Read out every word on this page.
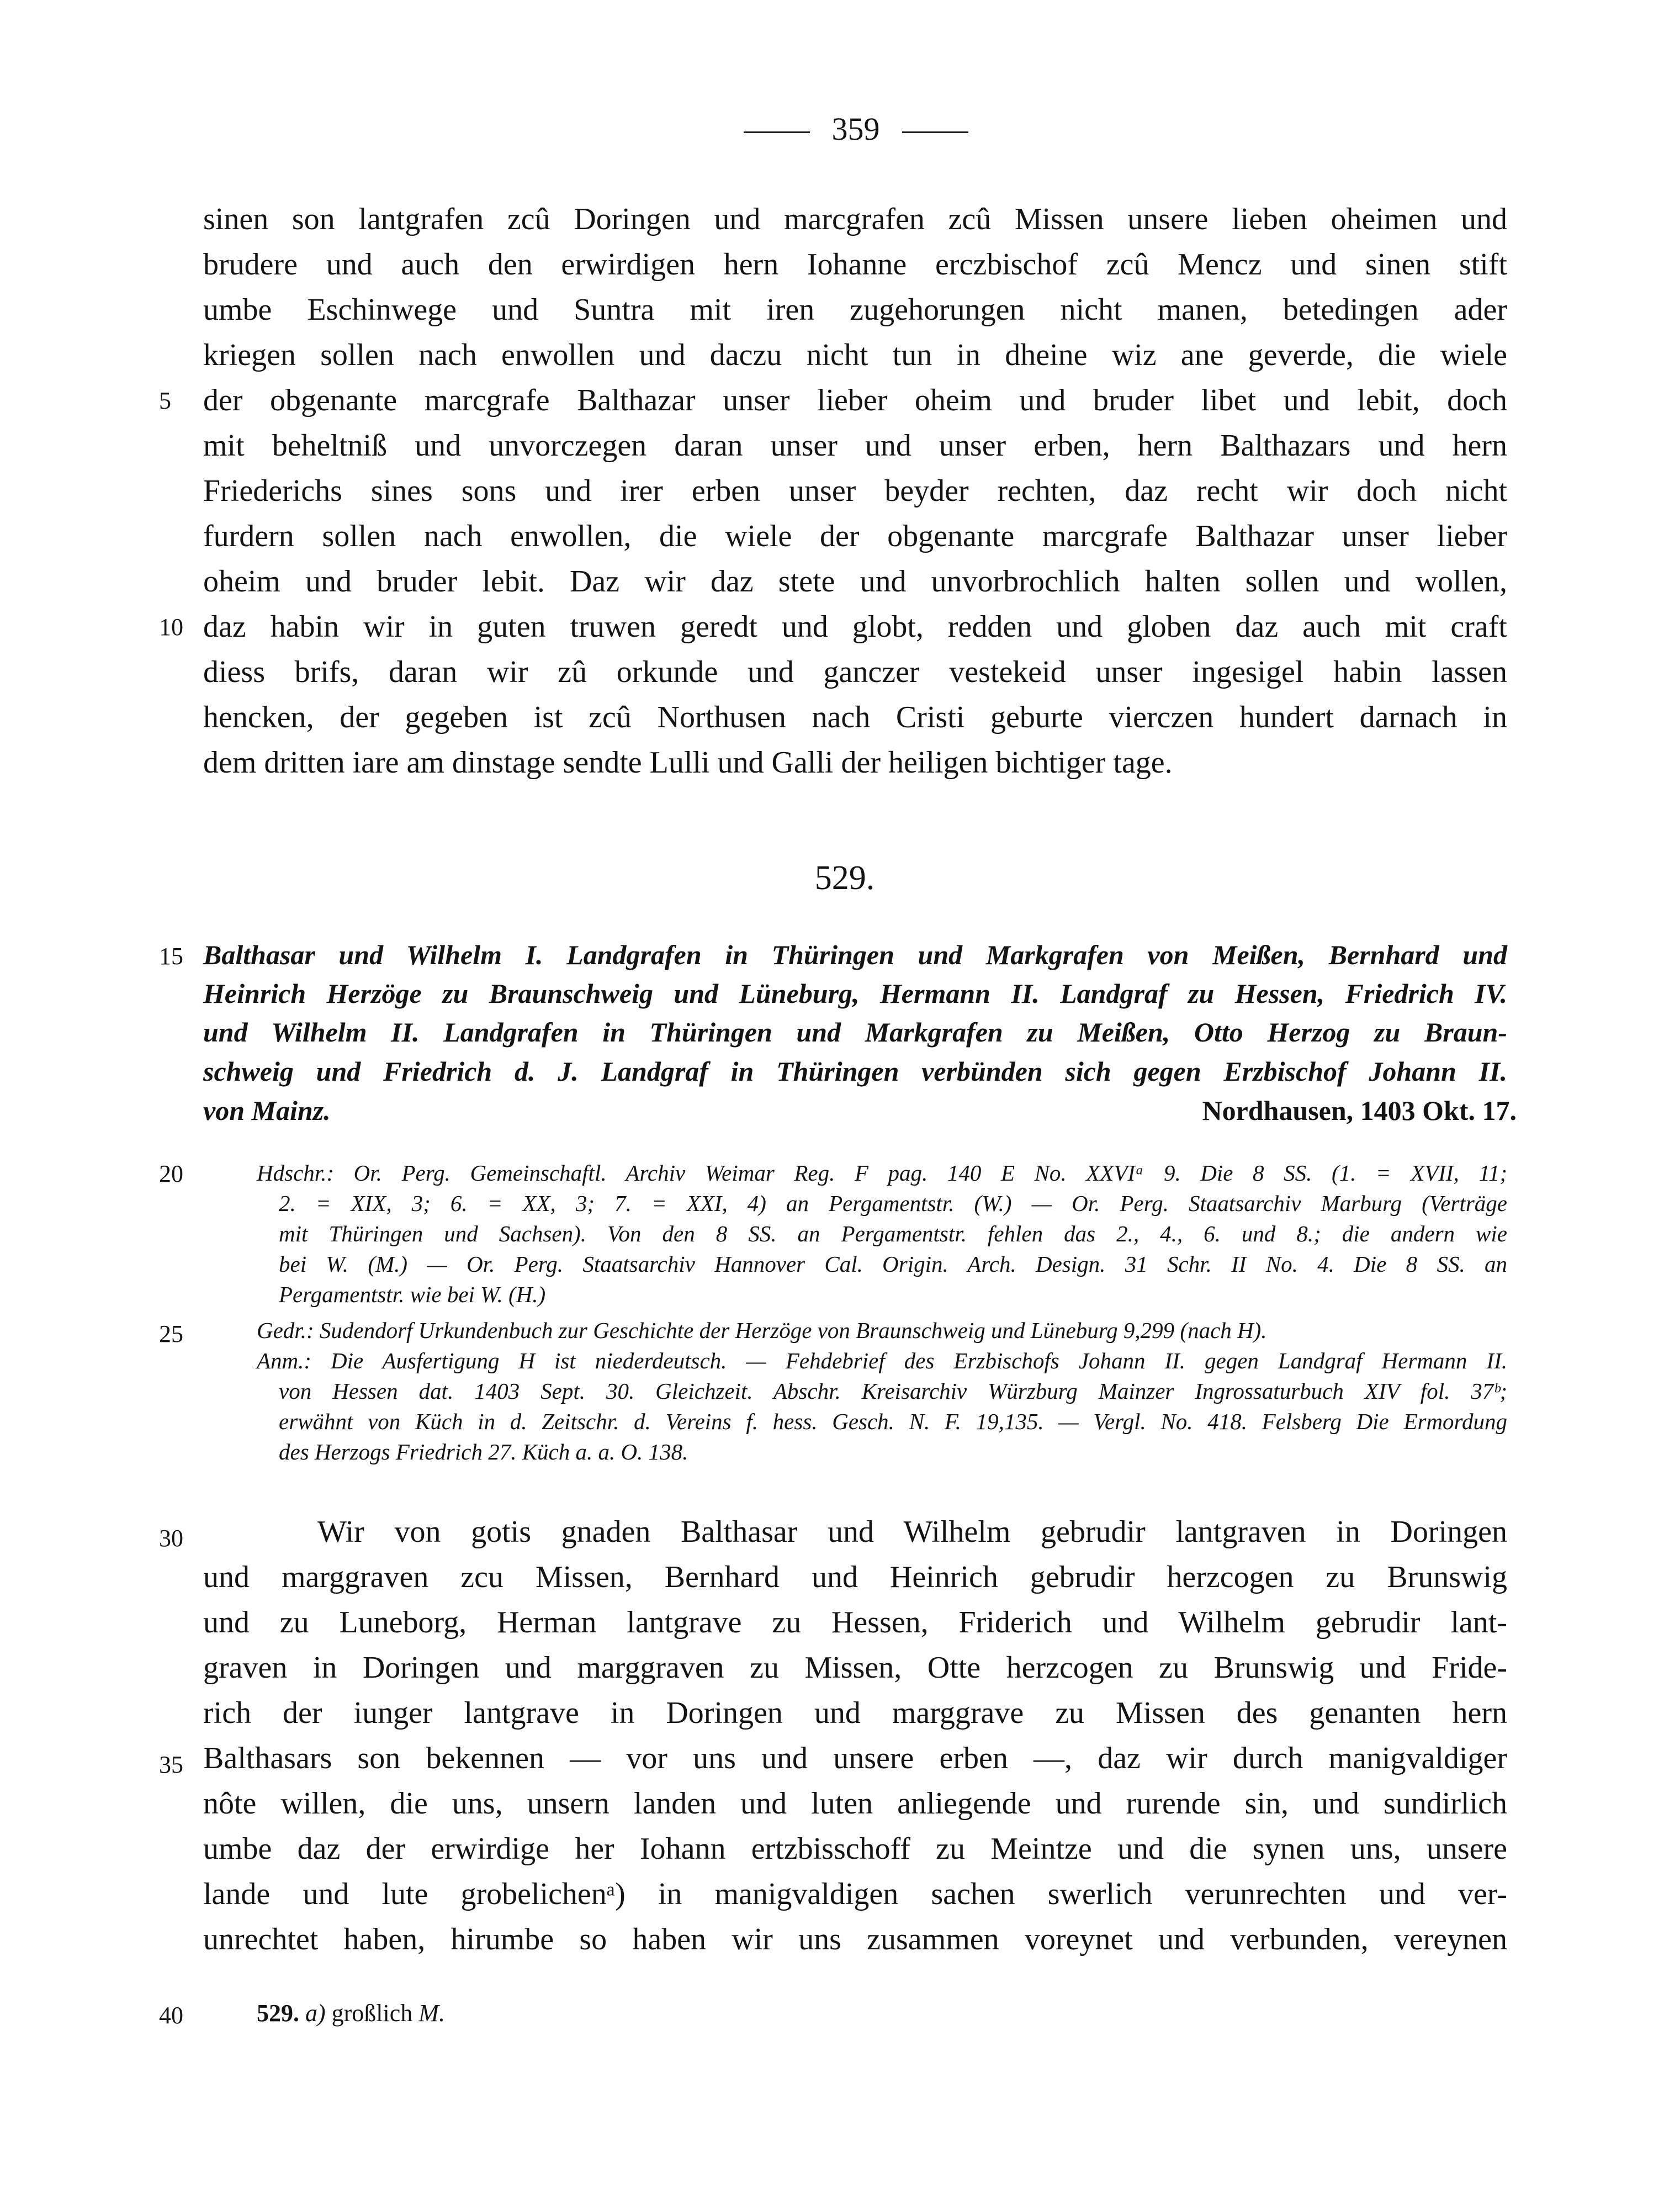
359
sinen son lantgrafen zcû Doringen und marcgrafen zcû Missen unsere lieben oheimen und
brudere und auch den erwirdigen hern Iohanne erczbischof zcû Mencz und sinen stift
umbe Eschinwege und Suntra mit iren zugehorungen nicht manen, betedingen ader
kriegen sollen nach enwollen und daczu nicht tun in dheine wiz ane geverde, die wiele
der obgenante marcgrafe Balthazar unser lieber oheim und bruder libet und lebit, doch
mit beheltniß und unvorczegen daran unser und unser erben, hern Balthazars und hern
Friederichs sines sons und irer erben unser beyder rechten, daz recht wir doch nicht
furdern sollen nach enwollen, die wiele der obgenante marcgrafe Balthazar unser lieber
oheim und bruder lebit. Daz wir daz stete und unvorbrochlich halten sollen und wollen,
daz habin wir in guten truwen geredt und globt, redden und globen daz auch mit craft
diess brifs, daran wir zû orkunde und ganczer vestekeid unser ingesigel habin lassen
hencken, der gegeben ist zcû Northusen nach Cristi geburte vierczen hundert darnach in
dem dritten iare am dinstage sendte Lulli und Galli der heiligen bichtiger tage.
529.
Balthasar und Wilhelm I. Landgrafen in Thüringen und Markgrafen von Meißen, Bernhard und
Heinrich Herzöge zu Braunschweig und Lüneburg, Hermann II. Landgraf zu Hessen, Friedrich IV.
und Wilhelm II. Landgrafen in Thüringen und Markgrafen zu Meißen, Otto Herzog zu Braun-
schweig und Friedrich d. J. Landgraf in Thüringen verbünden sich gegen Erzbischof Johann II.
von Mainz.	Nordhausen, 1403 Okt. 17.
Hdschr.: Or. Perg. Gemeinschaftl. Archiv Weimar Reg. F pag. 140 E No. XXVIᵃ 9. Die 8 SS. (1. = XVII, 11;
2. = XIX, 3; 6. = XX, 3; 7. = XXI, 4) an Pergamentstr. (W.) — Or. Perg. Staatsarchiv Marburg (Verträge
mit Thüringen und Sachsen). Von den 8 SS. an Pergamentstr. fehlen das 2., 4., 6. und 8.; die andern wie
bei W. (M.) — Or. Perg. Staatsarchiv Hannover Cal. Origin. Arch. Design. 31 Schr. II No. 4. Die 8 SS. an
Pergamentstr. wie bei W. (H.)
Gedr.: Sudendorf Urkundenbuch zur Geschichte der Herzöge von Braunschweig und Lüneburg 9,299 (nach H).
Anm.: Die Ausfertigung H ist niederdeutsch. — Fehdebrief des Erzbischofs Johann II. gegen Landgraf Hermann II.
von Hessen dat. 1403 Sept. 30. Gleichzeit. Abschr. Kreisarchiv Würzburg Mainzer Ingrossaturbuch XIV fol. 37ᵇ;
erwähnt von Küch in d. Zeitschr. d. Vereins f. hess. Gesch. N. F. 19,135. — Vergl. No. 418. Felsberg Die Ermordung
des Herzogs Friedrich 27. Küch a. a. O. 138.
Wir von gotis gnaden Balthasar und Wilhelm gebrudir lantgraven in Doringen
und marggraven zcu Missen, Bernhard und Heinrich gebrudir herzcogen zu Brunswig
und zu Luneborg, Herman lantgrave zu Hessen, Friderich und Wilhelm gebrudir lant-
graven in Doringen und marggraven zu Missen, Otte herzcogen zu Brunswig und Fride-
rich der iunger lantgrave in Doringen und marggrave zu Missen des genanten hern
Balthasars son bekennen — vor uns und unsere erben —, daz wir durch manigvaldiger
nôte willen, die uns, unsern landen und luten anliegende und rurende sin, und sundirlich
umbe daz der erwirdige her Iohann ertzbisschoff zu Meintze und die synen uns, unsere
lande und lute grobelichenᵃ) in manigvaldigen sachen swerlich verunrechten und ver-
unrechtet haben, hirumbe so haben wir uns zusammen voreynet und verbunden, vereynen
529. a) großlich M.
5
10
15
20
25
30
35
40
